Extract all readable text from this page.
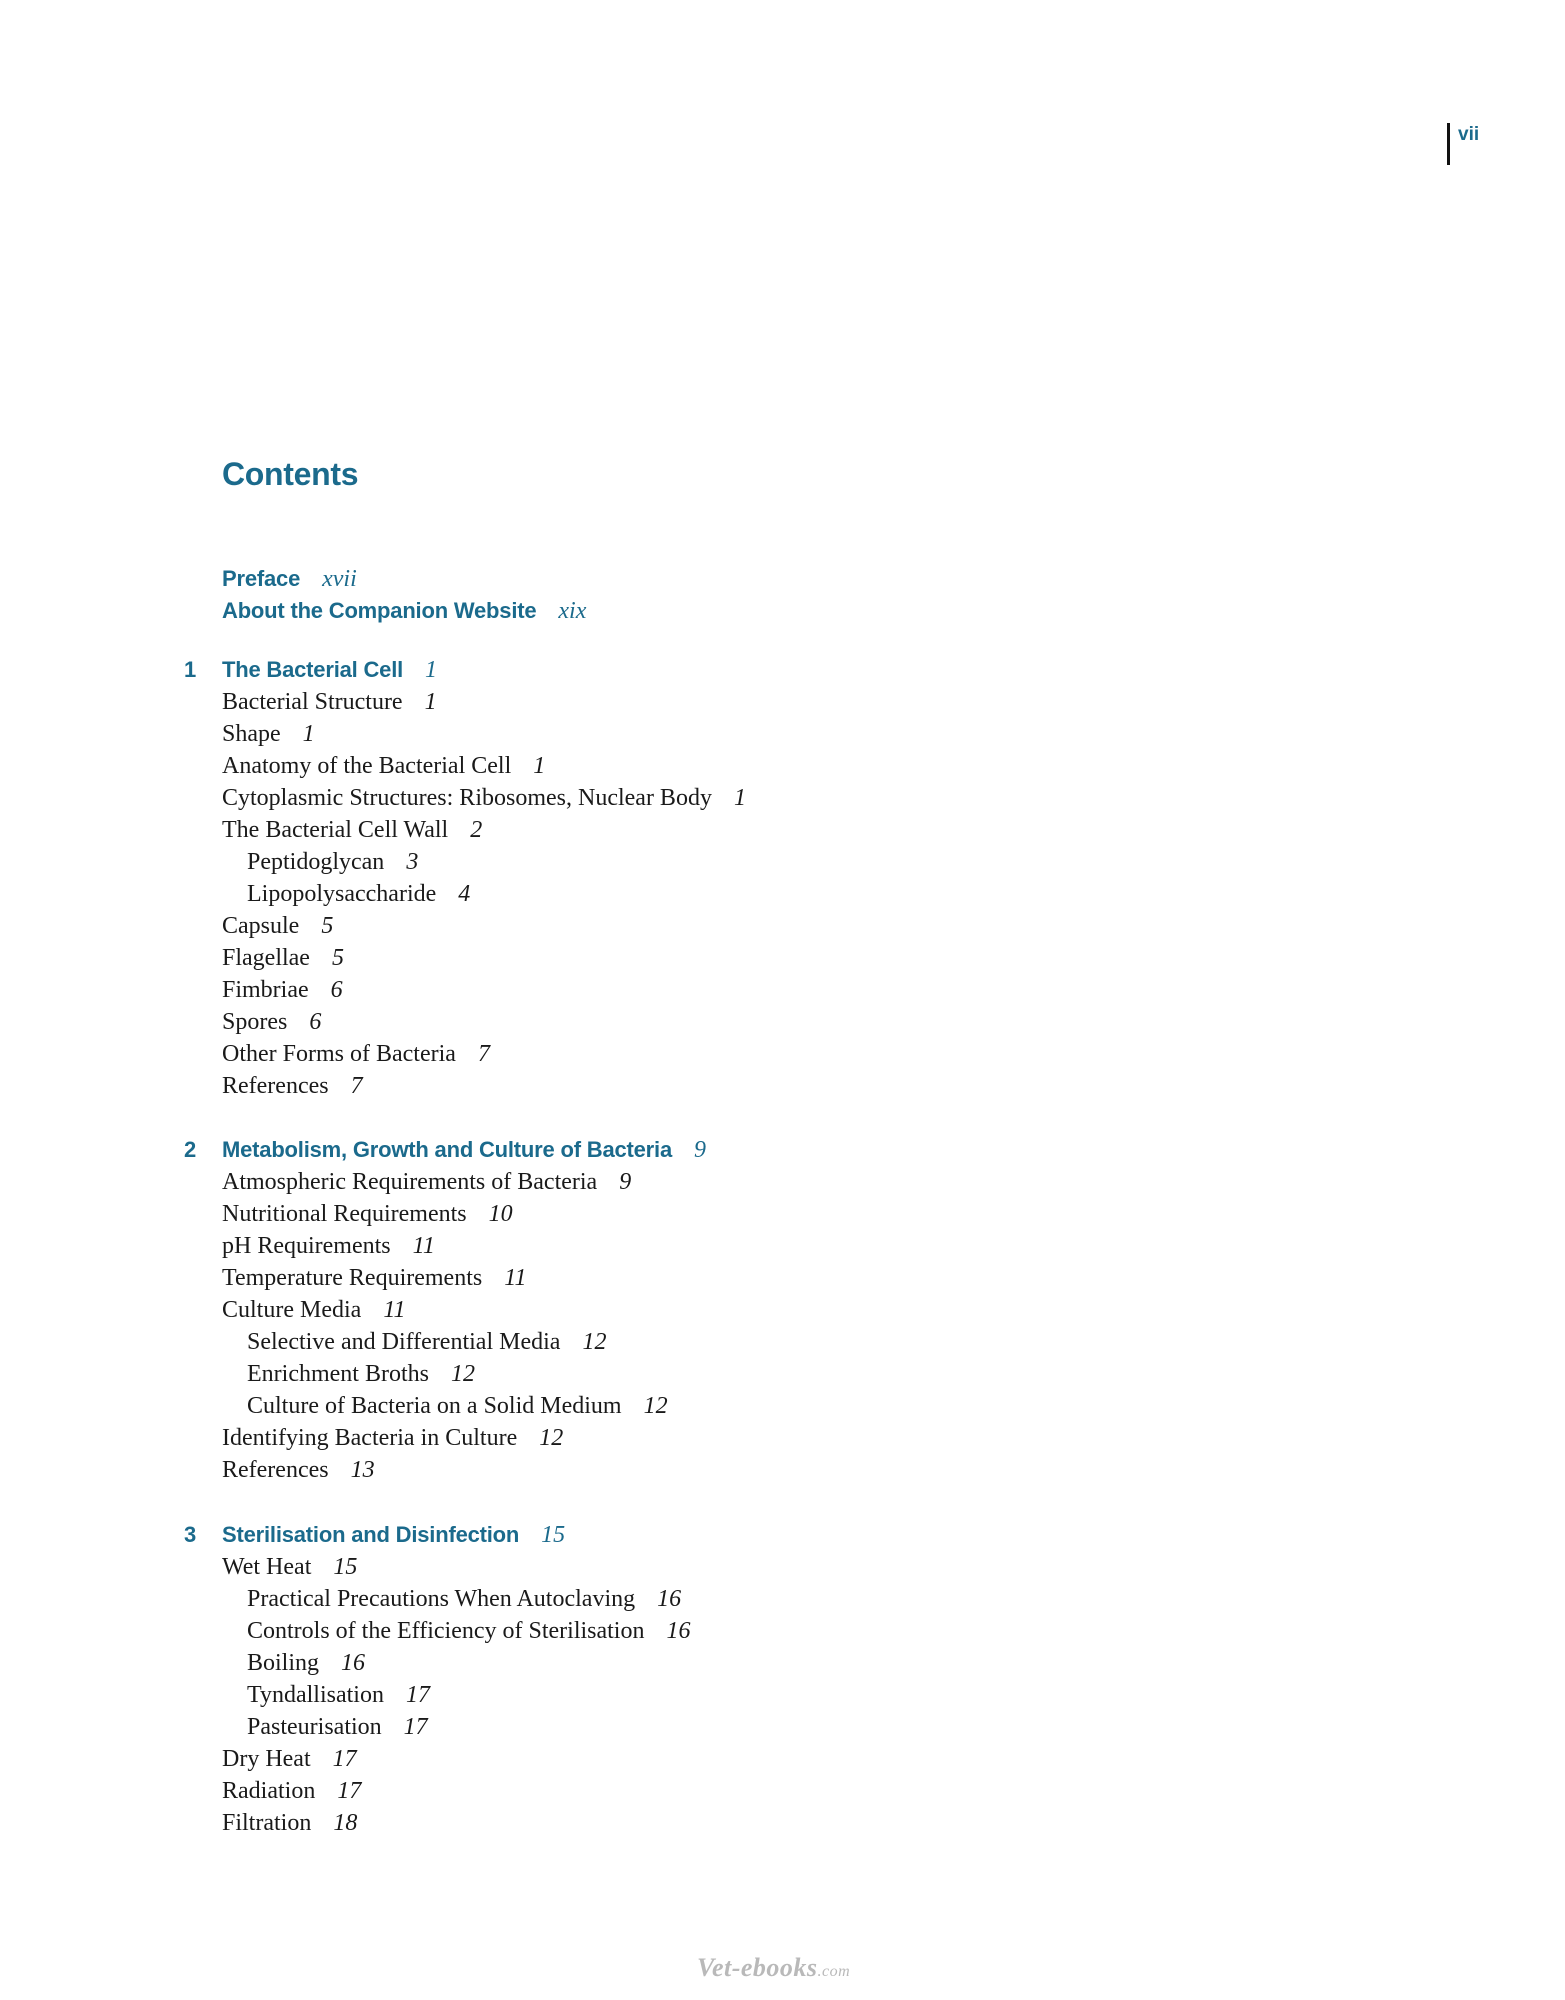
vii
Contents
Preface xvii
About the Companion Website xix
1	The Bacterial Cell 1
Bacterial Structure 1
Shape 1
Anatomy of the Bacterial Cell 1
Cytoplasmic Structures: Ribosomes, Nuclear Body 1
The Bacterial Cell Wall 2
Peptidoglycan 3
Lipopolysaccharide 4
Capsule 5
Flagellae 5
Fimbriae 6
Spores 6
Other Forms of Bacteria 7
References 7
2	Metabolism, Growth and Culture of Bacteria 9
Atmospheric Requirements of Bacteria 9
Nutritional Requirements 10
pH Requirements 11
Temperature Requirements 11
Culture Media 11
Selective and Differential Media 12
Enrichment Broths 12
Culture of Bacteria on a Solid Medium 12
Identifying Bacteria in Culture 12
References 13
3	Sterilisation and Disinfection 15
Wet Heat 15
Practical Precautions When Autoclaving 16
Controls of the Efficiency of Sterilisation 16
Boiling 16
Tyndallisation 17
Pasteurisation 17
Dry Heat 17
Radiation 17
Filtration 18
Vet-ebooks.com
